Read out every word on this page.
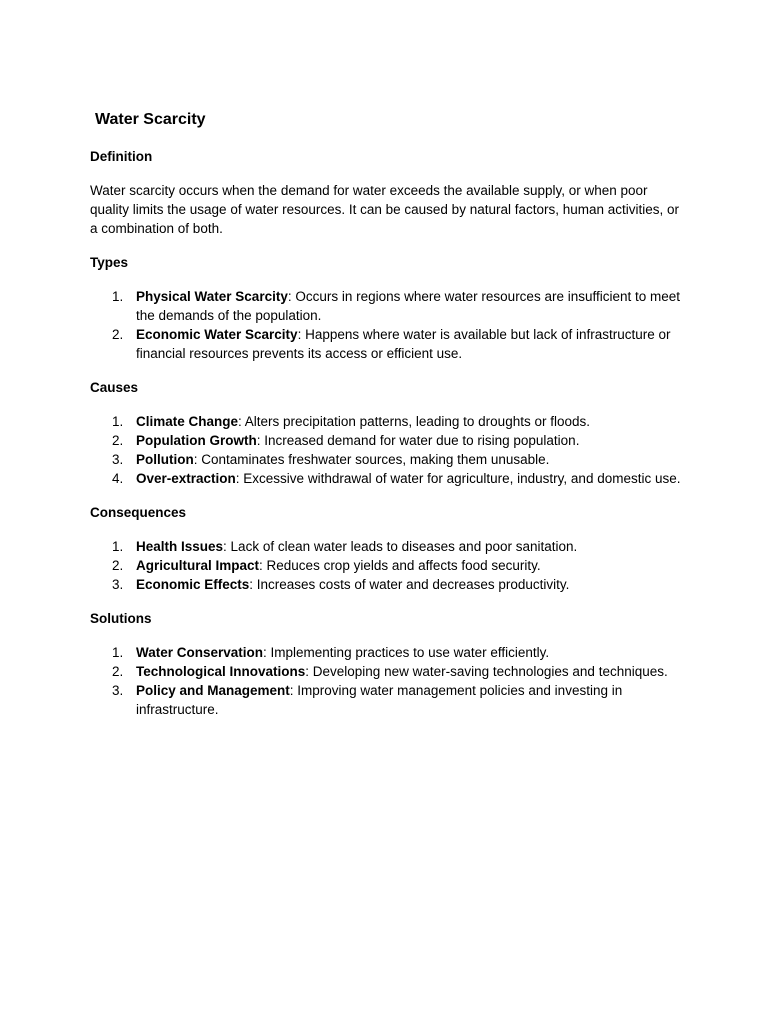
Water Scarcity
Definition

Water scarcity occurs when the demand for water exceeds the available supply, or when poor quality limits the usage of water resources. It can be caused by natural factors, human activities, or a combination of both.

Types
1. Physical Water Scarcity: Occurs in regions where water resources are insufficient to meet the demands of the population.
2. Economic Water Scarcity: Happens where water is available but lack of infrastructure or financial resources prevents its access or efficient use.
Causes
1. Climate Change: Alters precipitation patterns, leading to droughts or floods.
2. Population Growth: Increased demand for water due to rising population.
3. Pollution: Contaminates freshwater sources, making them unusable.
4. Over-extraction: Excessive withdrawal of water for agriculture, industry, and domestic use.
Consequences
1. Health Issues: Lack of clean water leads to diseases and poor sanitation.
2. Agricultural Impact: Reduces crop yields and affects food security.
3. Economic Effects: Increases costs of water and decreases productivity.
Solutions
1. Water Conservation: Implementing practices to use water efficiently.
2. Technological Innovations: Developing new water-saving technologies and techniques.
3. Policy and Management: Improving water management policies and investing in infrastructure.
